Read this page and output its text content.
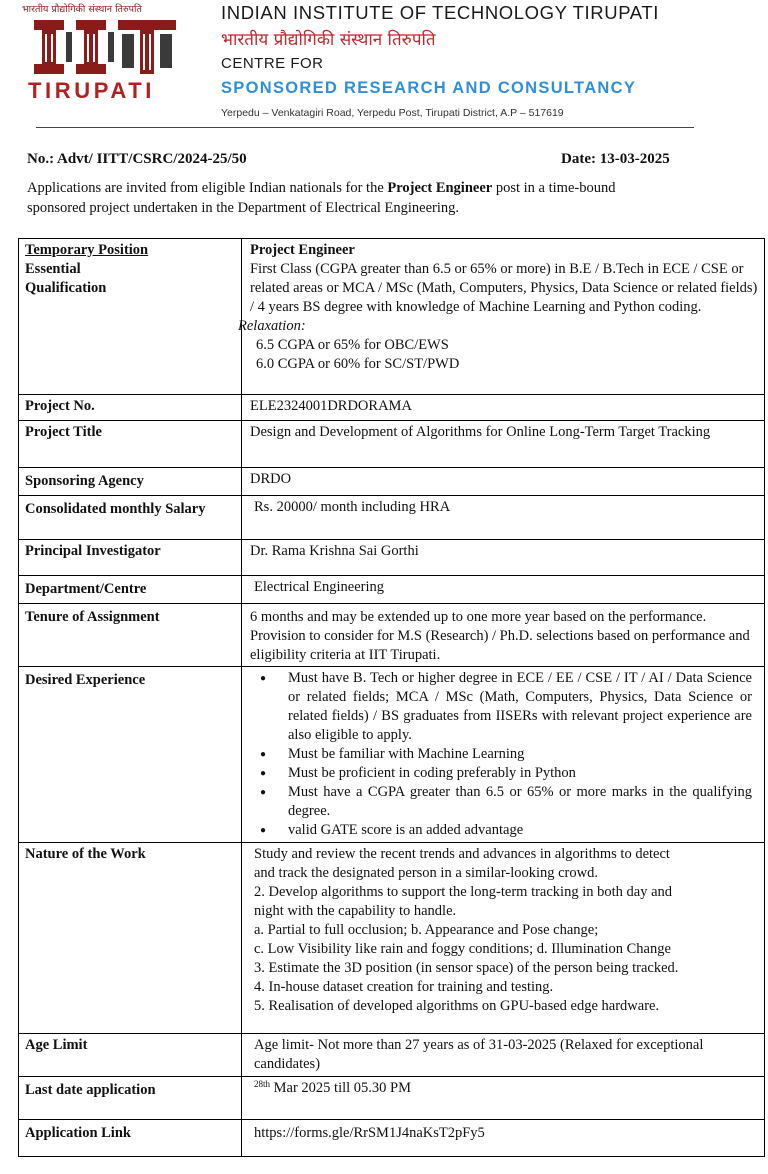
भारतीय प्रौद्योगिकी संस्थान तिरुपति
TIRUPATI
INDIAN INSTITUTE OF TECHNOLOGY TIRUPATI
भारतीय प्रौद्योगिकी संस्थान तिरुपति
CENTRE FOR
SPONSORED RESEARCH AND CONSULTANCY
Yerpedu – Venkatagiri Road, Yerpedu Post, Tirupati District, A.P – 517619
No.: Advt/ IITT/CSRC/2024-25/50	Date: 13-03-2025
Applications are invited from eligible Indian nationals for the Project Engineer post in a time-bound sponsored project undertaken in the Department of Electrical Engineering.
Temporary Position
Essential
Qualification
Project Engineer
First Class (CGPA greater than 6.5 or 65% or more) in B.E / B.Tech in ECE / CSE or related areas or MCA / MSc (Math, Computers, Physics, Data Science or related fields) / 4 years BS degree with knowledge of Machine Learning and Python coding.
Relaxation:
6.5 CGPA or 65% for OBC/EWS
6.0 CGPA or 60% for SC/ST/PWD
Project No.	ELE2324001DRDORAMA
Project Title	Design and Development of Algorithms for Online Long-Term Target Tracking
Sponsoring Agency	DRDO
Consolidated monthly Salary	Rs. 20000/ month including HRA
Principal Investigator	Dr. Rama Krishna Sai Gorthi
Department/Centre	Electrical Engineering
Tenure of Assignment	6 months and may be extended up to one more year based on the performance. Provision to consider for M.S (Research) / Ph.D. selections based on performance and eligibility criteria at IIT Tirupati.
Desired Experience
●	Must have B. Tech or higher degree in ECE / EE / CSE / IT / AI / Data Science or related fields; MCA / MSc (Math, Computers, Physics, Data Science or related fields) / BS graduates from IISERs with relevant project experience are also eligible to apply.
● Must be familiar with Machine Learning
● Must be proficient in coding preferably in Python
● Must have a CGPA greater than 6.5 or 65% or more marks in the qualifying degree.
● valid GATE score is an added advantage
Nature of the Work	Study and review the recent trends and advances in algorithms to detect
and track the designated person in a similar-looking crowd.
2. Develop algorithms to support the long-term tracking in both day and
night with the capability to handle.
a. Partial to full occlusion; b. Appearance and Pose change;
c. Low Visibility like rain and foggy conditions; d. Illumination Change
3. Estimate the 3D position (in sensor space) of the person being tracked.
4. In-house dataset creation for training and testing.
5. Realisation of developed algorithms on GPU-based edge hardware.
Age Limit	Age limit- Not more than 27 years as of 31-03-2025 (Relaxed for exceptional candidates)
Last date application	$^{28th}$ Mar 2025 till 05.30 PM
Application Link	https://forms.gle/RrSM1J4naKsT2pFy5
